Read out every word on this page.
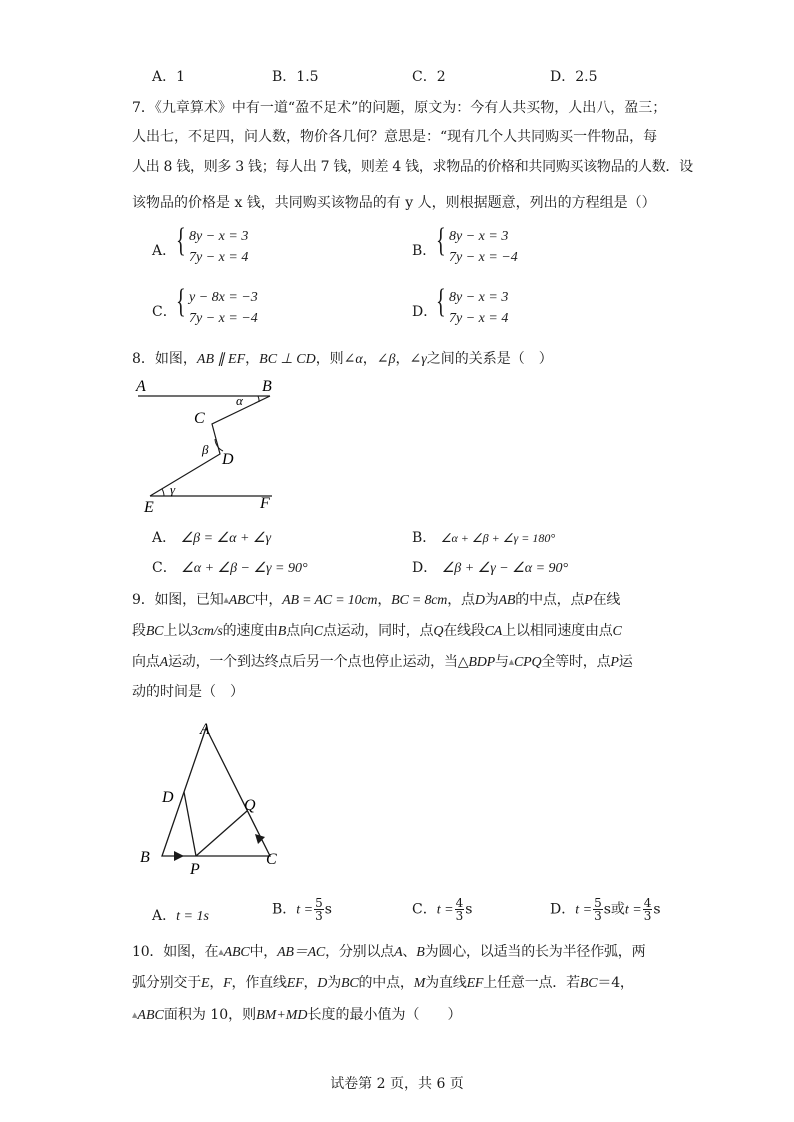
A．1	B．1.5	C．2	D．2.5
7．《九章算术》中有一道“盈不足术”的问题，原文为：今有人共买物，人出八，盈三；
人出七，不足四，问人数，物价各几何？意思是：“现有几个人共同购买一件物品，每
人出 8 钱，则多 3 钱；每人出 7 钱，则差 4 钱，求物品的价格和共同购买该物品的人数．设
该物品的价格是 x 钱，共同购买该物品的有 y 人，则根据题意，列出的方程组是（）
A． { 8y − x = 3
7y − x = 4	B． { 8y − x = 3
7y − x = −4
C． { y − 8x = −3
7y − x = −4	D．
{ 8y − x = 3
7y − x = 4
8．如图，AB ∥ EF，BC ⊥ CD，则∠α，∠β，∠γ之间的关系是（　）
A	B
C
D
E	F
α
β
γ
A． ∠β = ∠α + ∠γ	B． ∠α + ∠β + ∠γ = 180°
C． ∠α + ∠β − ∠γ = 90°	D． ∠β + ∠γ − ∠α = 90°
9．如图，已知▲ABC中，AB = AC = 10cm，BC = 8cm，点D为AB的中点，点P在线
段BC上以3cm/s的速度由B点向C点运动，同时，点Q在线段CA上以相同速度由点C
向点A运动，一个到达终点后另一个点也停止运动，当△BDP与▲CPQ全等时，点P运
动的时间是（　）
A
B	C
D
P
Q
A．t = 1s	B．$t = \frac{5}{3}$ s	C．$t = \frac{4}{3}$ s	D．$t = \frac{5}{3}$ s或$t = \frac{4}{3}$ s
10．如图，在▲ABC中，AB＝AC，分别以点A、B为圆心，以适当的长为半径作弧，两
弧分别交于E，F，作直线EF，D为BC的中点，M为直线EF上任意一点．若BC＝4，
▲ABC面积为 10，则BM+MD长度的最小值为（　　）
试卷第 2 页，共 6 页
